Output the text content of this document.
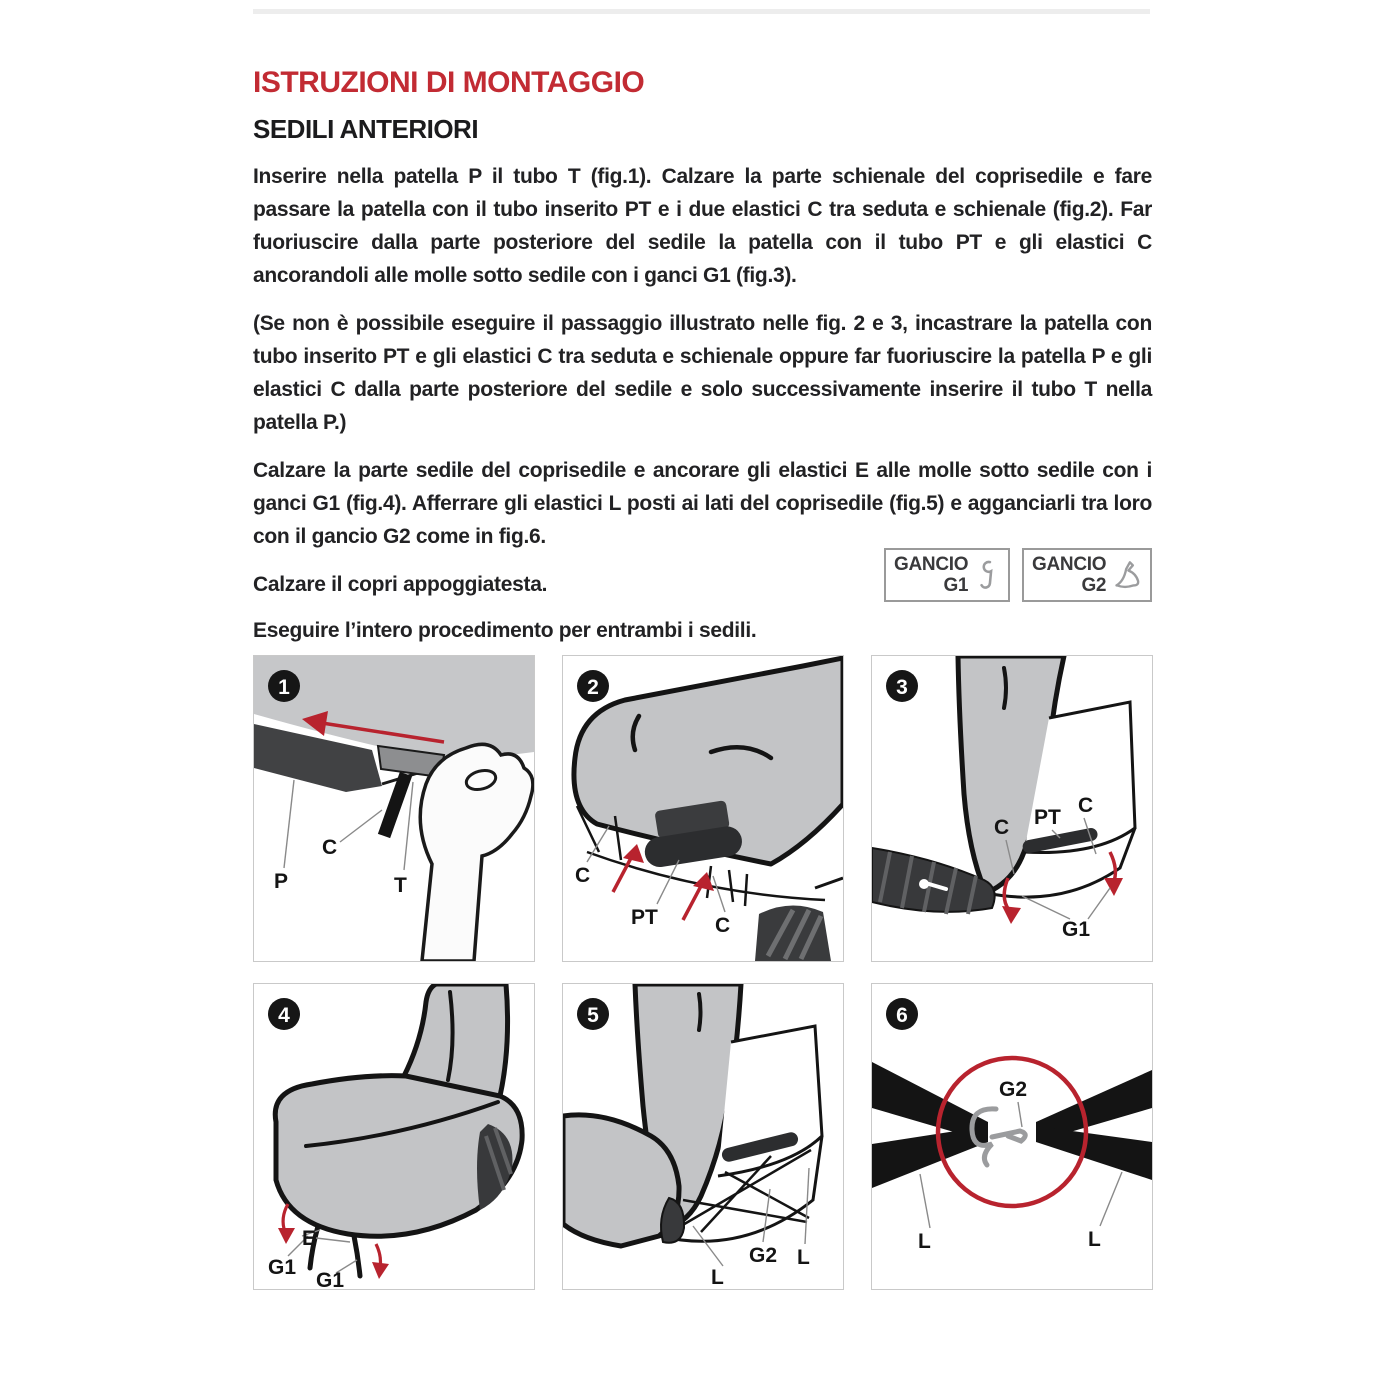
ISTRUZIONI DI MONTAGGIO
SEDILI ANTERIORI

Inserire nella patella P il tubo T (fig.1). Calzare la parte schienale del coprisedile e fare passare la patella con il tubo inserito PT e i due elastici C tra seduta e schienale (fig.2). Far fuoriuscire dalla parte posteriore del sedile la patella con il tubo PT e gli elastici C ancorandoli alle molle sotto sedile con i ganci G1 (fig.3).

(Se non è possibile eseguire il passaggio illustrato nelle fig. 2 e 3, incastrare la patella con tubo inserito PT e gli elastici C tra seduta e schienale oppure far fuoriuscire la patella P e gli elastici C dalla parte posteriore del sedile e solo successivamente inserire il tubo T nella patella P.)

Calzare la parte sedile del coprisedile e ancorare gli elastici E alle molle sotto sedile con i ganci G1 (fig.4). Afferrare gli elastici L posti ai lati del coprisedile (fig.5) e agganciarli tra loro con il gancio G2 come in fig.6.

Calzare il copri appoggiatesta.

Eseguire l’intero procedimento per entrambi i sedili.

GANCIO
G1
GANCIO
G2
P
C
T
1
C
PT	C
2
C PT
C
G1
3
G1
E
G1
4
L
G2 L
5
G2
L	L
6
